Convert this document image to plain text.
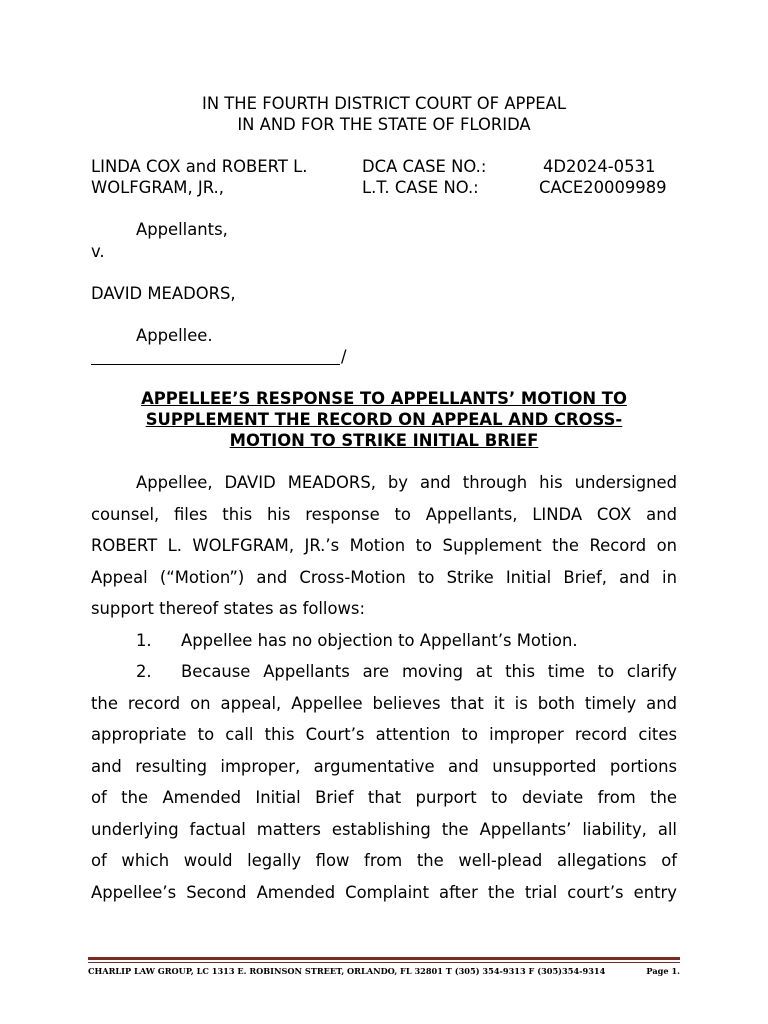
IN THE FOURTH DISTRICT COURT OF APPEAL
IN AND FOR THE STATE OF FLORIDA
LINDA COX and ROBERT L.
WOLFGRAM, JR.,
DCA CASE NO.:	4D2024-0531
L.T. CASE NO.:	CACE20009989
Appellants,
v.
DAVID MEADORS,
Appellee.
/
APPELLEE’S RESPONSE TO APPELLANTS’ MOTION TO
SUPPLEMENT THE RECORD ON APPEAL AND CROSS-
MOTION TO STRIKE INITIAL BRIEF
Appellee, DAVID MEADORS, by and through his undersigned
counsel, files this his response to Appellants, LINDA COX and
ROBERT L. WOLFGRAM, JR.’s Motion to Supplement the Record on
Appeal (“Motion”) and Cross-Motion to Strike Initial Brief, and in
support thereof states as follows:
1.	Appellee has no objection to Appellant’s Motion.
2.	Because Appellants are moving at this time to clarify
the record on appeal, Appellee believes that it is both timely and
appropriate to call this Court’s attention to improper record cites
and resulting improper, argumentative and unsupported portions
of the Amended Initial Brief that purport to deviate from the
underlying factual matters establishing the Appellants’ liability, all
of which would legally flow from the well-plead allegations of
Appellee’s Second Amended Complaint after the trial court’s entry
CHARLIP LAW GROUP, LC 1313 E. ROBINSON STREET, ORLANDO, FL 32801 T (305) 354-9313 F (305)354-9314	Page 1.
